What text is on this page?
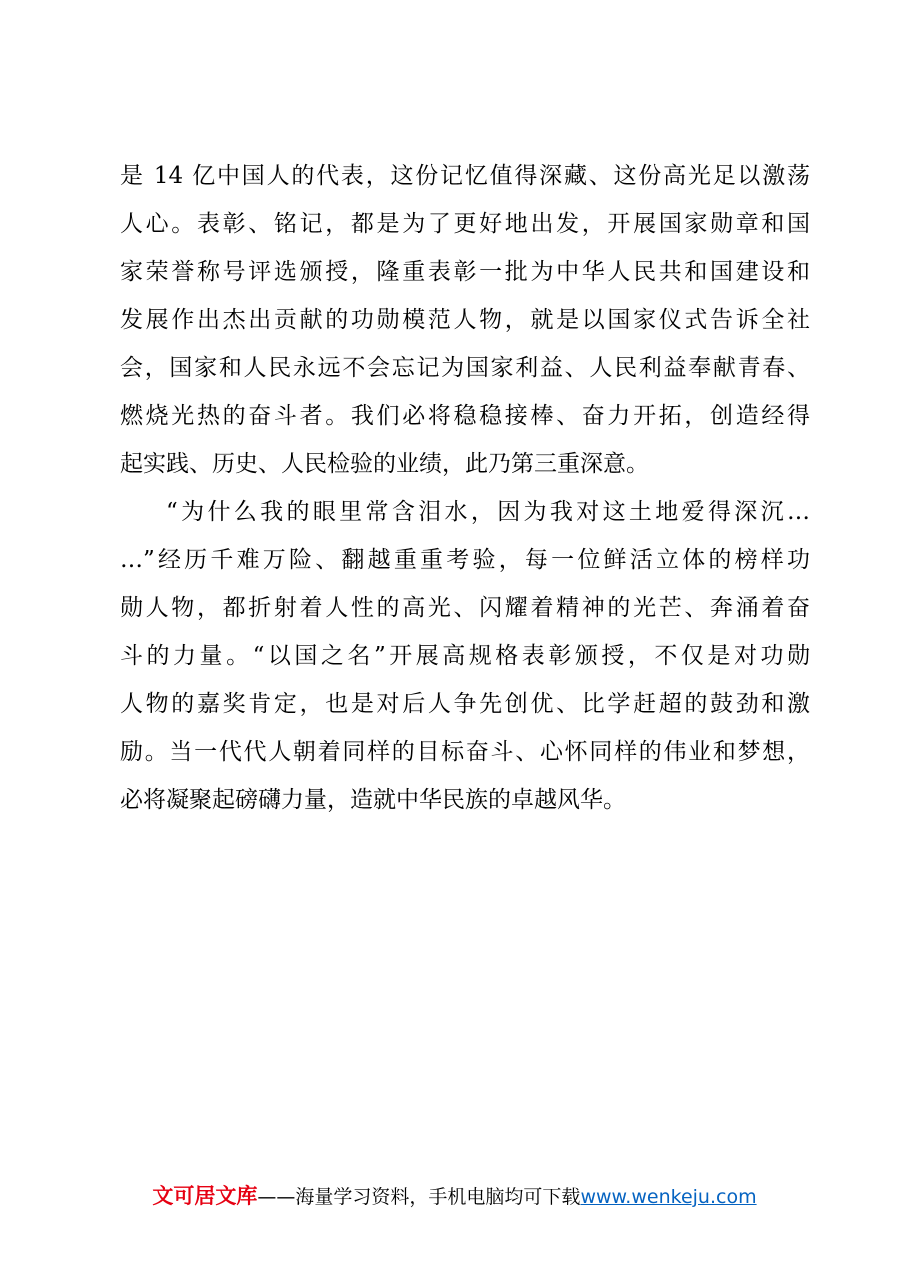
是 14 亿中国人的代表，这份记忆值得深藏、这份高光足以激荡
人心。表彰、铭记，都是为了更好地出发，开展国家勋章和国
家荣誉称号评选颁授，隆重表彰一批为中华人民共和国建设和
发展作出杰出贡献的功勋模范人物，就是以国家仪式告诉全社
会，国家和人民永远不会忘记为国家利益、人民利益奉献青春、
燃烧光热的奋斗者。我们必将稳稳接棒、奋力开拓，创造经得
起实践、历史、人民检验的业绩，此乃第三重深意。
“为什么我的眼里常含泪水，因为我对这土地爱得深沉…
…”经历千难万险、翻越重重考验，每一位鲜活立体的榜样功
勋人物，都折射着人性的高光、闪耀着精神的光芒、奔涌着奋
斗的力量。“以国之名”开展高规格表彰颁授，不仅是对功勋
人物的嘉奖肯定，也是对后人争先创优、比学赶超的鼓劲和激
励。当一代代人朝着同样的目标奋斗、心怀同样的伟业和梦想，
必将凝聚起磅礴力量，造就中华民族的卓越风华。
文可居文库——海量学习资料，手机电脑均可下载www.wenkeju.com
